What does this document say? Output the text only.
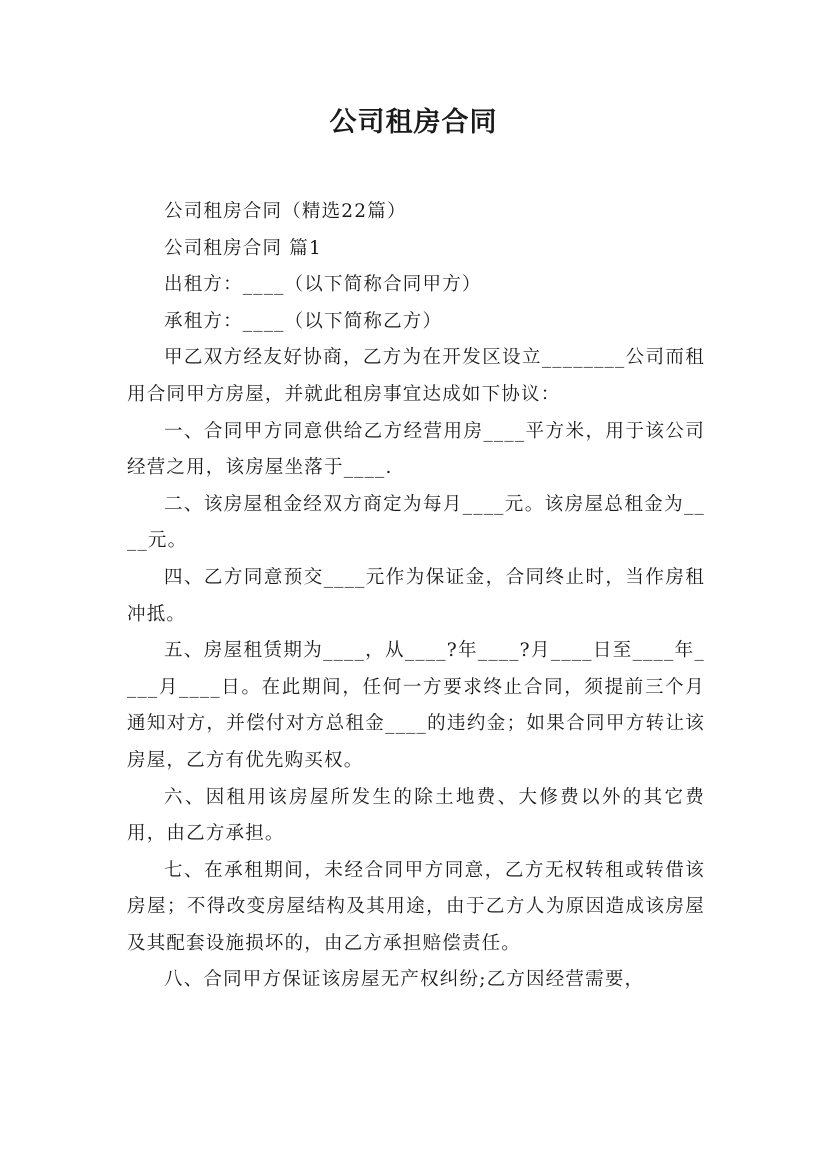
公司租房合同

公司租房合同（精选22篇）

公司租房合同 篇1

出租方：____（以下简称合同甲方）

承租方：____（以下简称乙方）

甲乙双方经友好协商，乙方为在开发区设立________公司而租用合同甲方房屋，并就此租房事宜达成如下协议：

一、合同甲方同意供给乙方经营用房____平方米，用于该公司经营之用，该房屋坐落于____.

二、该房屋租金经双方商定为每月____元。该房屋总租金为____元。

四、乙方同意预交____元作为保证金，合同终止时，当作房租冲抵。

五、房屋租赁期为____，从____?年____?月____日至____年____月____日。在此期间，任何一方要求终止合同，须提前三个月通知对方，并偿付对方总租金____的违约金；如果合同甲方转让该房屋，乙方有优先购买权。

六、因租用该房屋所发生的除土地费、大修费以外的其它费用，由乙方承担。

七、在承租期间，未经合同甲方同意，乙方无权转租或转借该房屋；不得改变房屋结构及其用途，由于乙方人为原因造成该房屋及其配套设施损坏的，由乙方承担赔偿责任。

八、合同甲方保证该房屋无产权纠纷;乙方因经营需要，
